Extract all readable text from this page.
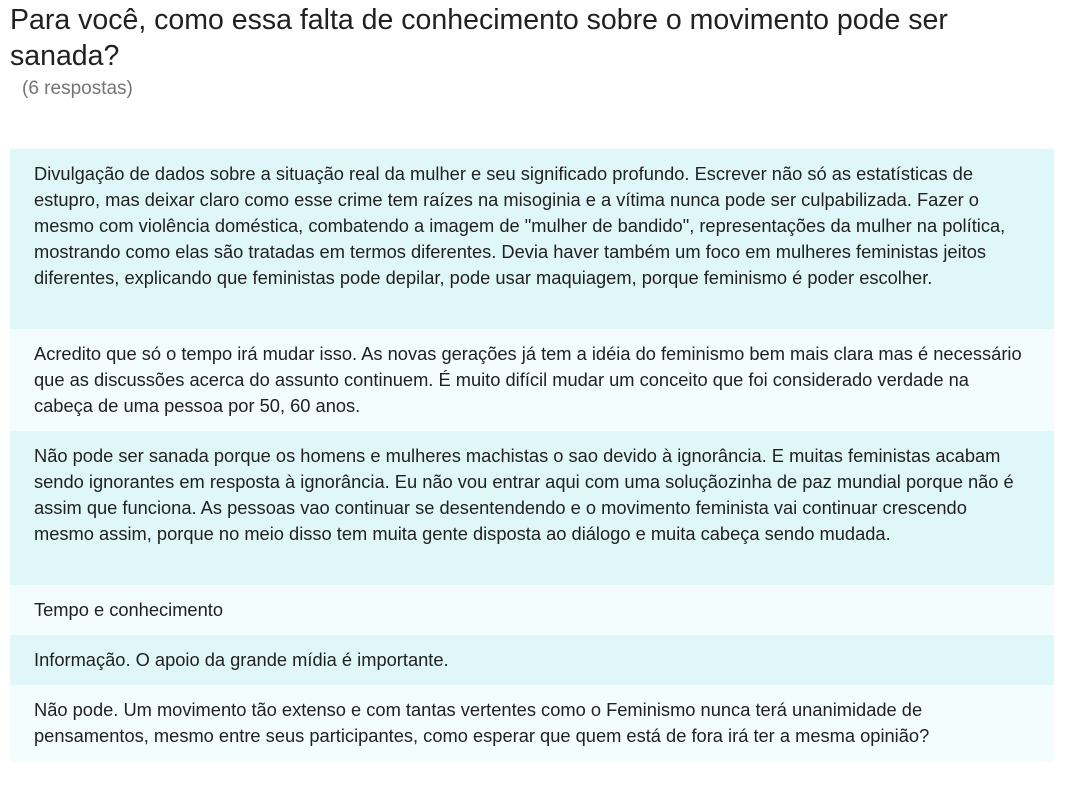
Para você, como essa falta de conhecimento sobre o movimento pode ser sanada?
(6 respostas)
Divulgação de dados sobre a situação real da mulher e seu significado profundo. Escrever não só as estatísticas de estupro, mas deixar claro como esse crime tem raízes na misoginia e a vítima nunca pode ser culpabilizada. Fazer o mesmo com violência doméstica, combatendo a imagem de "mulher de bandido", representações da mulher na política, mostrando como elas são tratadas em termos diferentes. Devia haver também um foco em mulheres feministas jeitos diferentes, explicando que feministas pode depilar, pode usar maquiagem, porque feminismo é poder escolher.
Acredito que só o tempo irá mudar isso. As novas gerações já tem a idéia do feminismo bem mais clara mas é necessário que as discussões acerca do assunto continuem. É muito difícil mudar um conceito que foi considerado verdade na cabeça de uma pessoa por 50, 60 anos.
Não pode ser sanada porque os homens e mulheres machistas o sao devido à ignorância. E muitas feministas acabam sendo ignorantes em resposta à ignorância. Eu não vou entrar aqui com uma soluçãozinha de paz mundial porque não é assim que funciona. As pessoas vao continuar se desentendendo e o movimento feminista vai continuar crescendo mesmo assim, porque no meio disso tem muita gente disposta ao diálogo e muita cabeça sendo mudada.
Tempo e conhecimento
Informação. O apoio da grande mídia é importante.
Não pode. Um movimento tão extenso e com tantas vertentes como o Feminismo nunca terá unanimidade de pensamentos, mesmo entre seus participantes, como esperar que quem está de fora irá ter a mesma opinião?
